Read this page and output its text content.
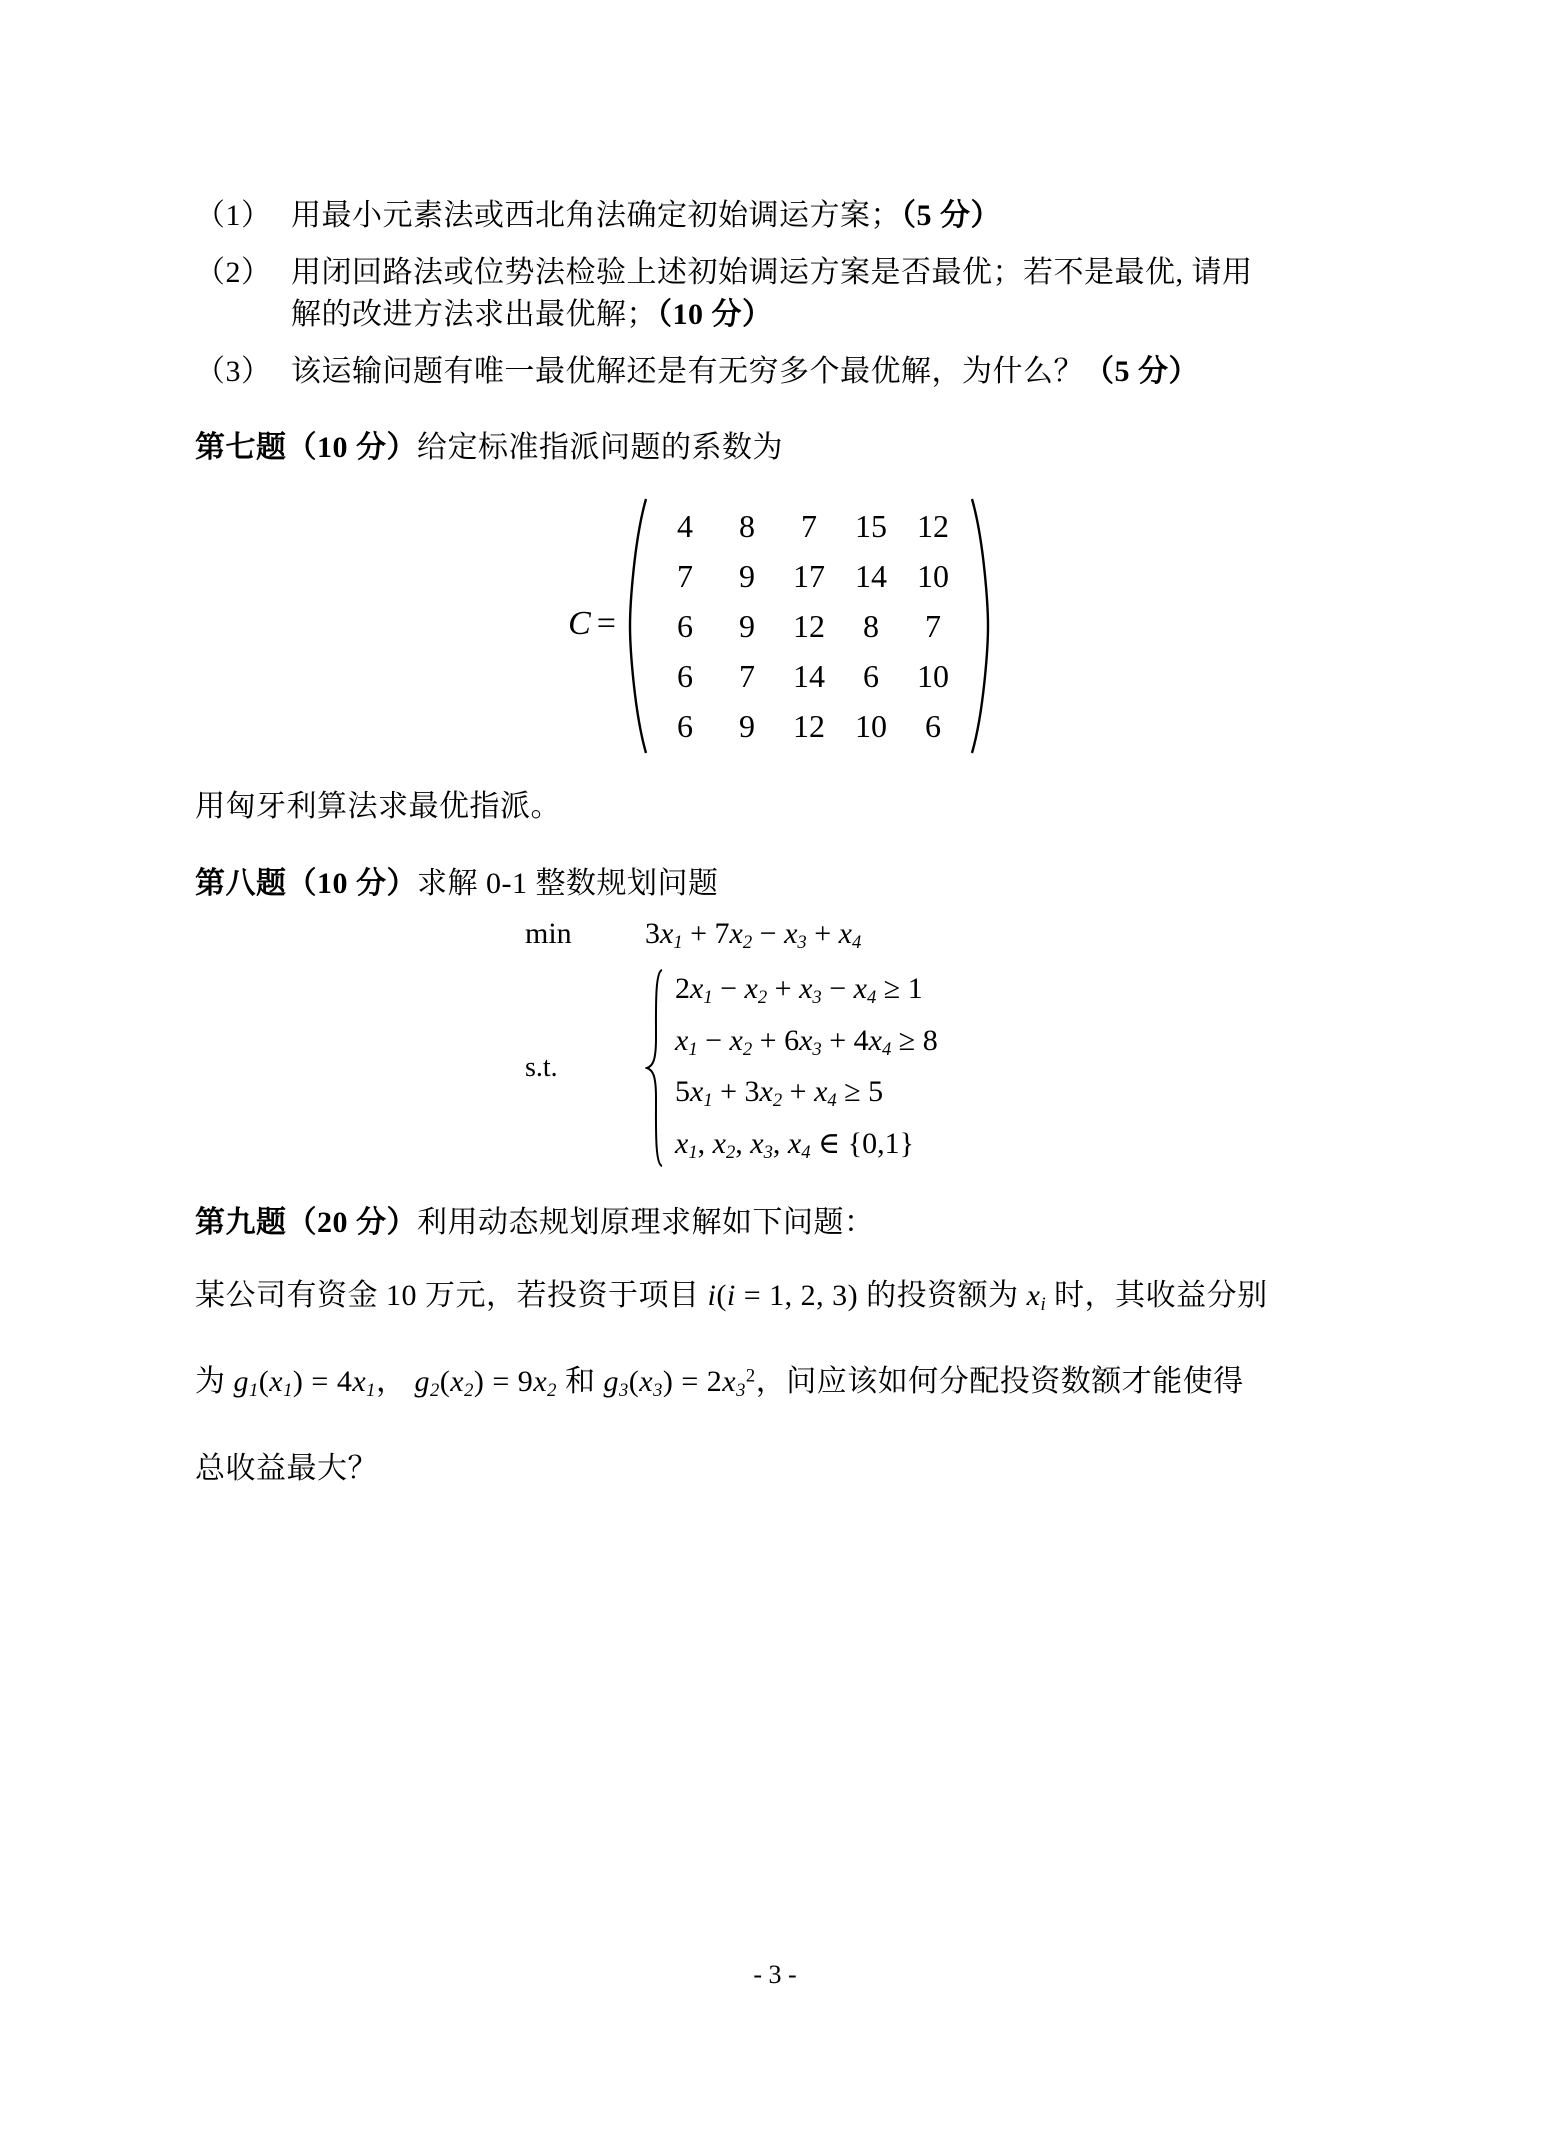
（1） 用最小元素法或西北角法确定初始调运方案；（5 分）
（2） 用闭回路法或位势法检验上述初始调运方案是否最优；若不是最优, 请用
解的改进方法求出最优解；（10 分）
（3） 该运输问题有唯一最优解还是有无穷多个最优解，为什么？（5 分）
第七题（10 分）给定标准指派问题的系数为
C =
4	8	7	15 12
7	9	17 14 10
6	9	12	8	7
6	7	14	6	10
6	9	12 10	6
用匈牙利算法求最优指派。
第八题（10 分）求解 0-1 整数规划问题
min	$3x_1 + 7x_2 - x_3 + x_4$
s.t.
$2x_1 - x_2 + x_3 - x_4 \ge 1$
$x_1 - x_2 + 6x_3 + 4x_4 \ge 8$
$5x_1 + 3x_2 + x_4 \ge 5$
$x_1$, $x_2$, $x_3$, $x_4$ ∈ {0,1}
第九题（20 分）利用动态规划原理求解如下问题：
某公司有资金 10 万元，若投资于项目 i(i = 1, 2, 3) 的投资额为 $x_i$ 时，其收益分别
为 $g_1(x_1) = 4x_1$， $g_2(x_2) = 9x_2$ 和 $g_3(x_3) = 2x_3^2$，问应该如何分配投资数额才能使得
总收益最大？
- 3 -
